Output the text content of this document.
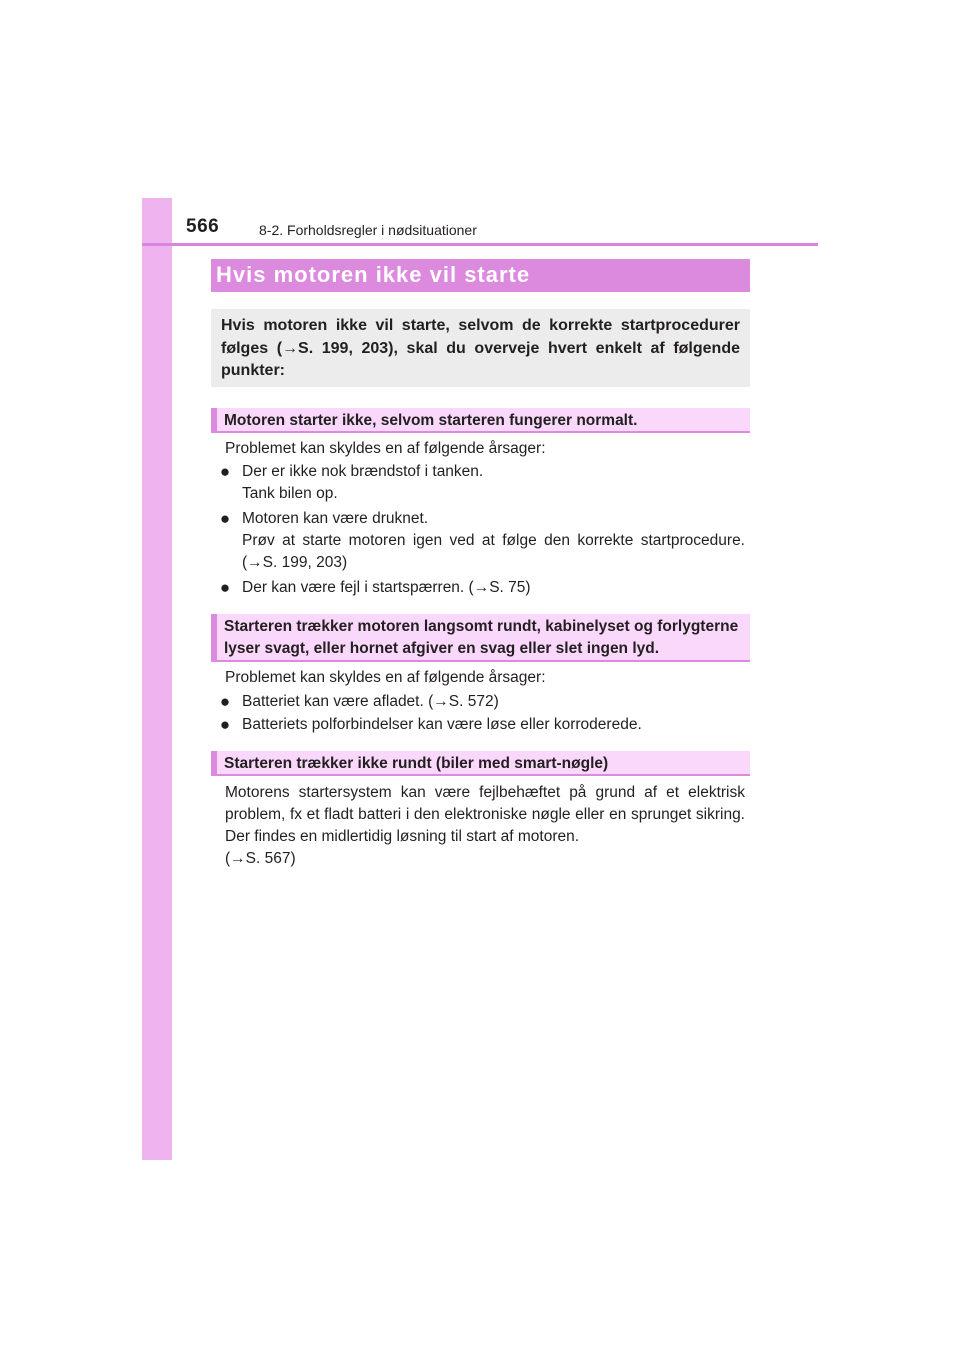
566	8-2. Forholdsregler i nødsituationer
Hvis motoren ikke vil starte
Hvis motoren ikke vil starte, selvom de korrekte startprocedurer følges (→S. 199, 203), skal du overveje hvert enkelt af følgende punkter:
Motoren starter ikke, selvom starteren fungerer normalt.
Problemet kan skyldes en af følgende årsager:
● Der er ikke nok brændstof i tanken.
Tank bilen op.
● Motoren kan være druknet.
Prøv at starte motoren igen ved at følge den korrekte startprocedure. (→S. 199, 203)
● Der kan være fejl i startspærren. (→S. 75)
Starteren trækker motoren langsomt rundt, kabinelyset og forlygterne lyser svagt, eller hornet afgiver en svag eller slet ingen lyd.
Problemet kan skyldes en af følgende årsager:
● Batteriet kan være afladet. (→S. 572)
● Batteriets polforbindelser kan være løse eller korroderede.
Starteren trækker ikke rundt (biler med smart-nøgle)
Motorens startersystem kan være fejlbehæftet på grund af et elektrisk problem, fx et fladt batteri i den elektroniske nøgle eller en sprunget sikring. Der findes en midlertidig løsning til start af motoren.
(→S. 567)
